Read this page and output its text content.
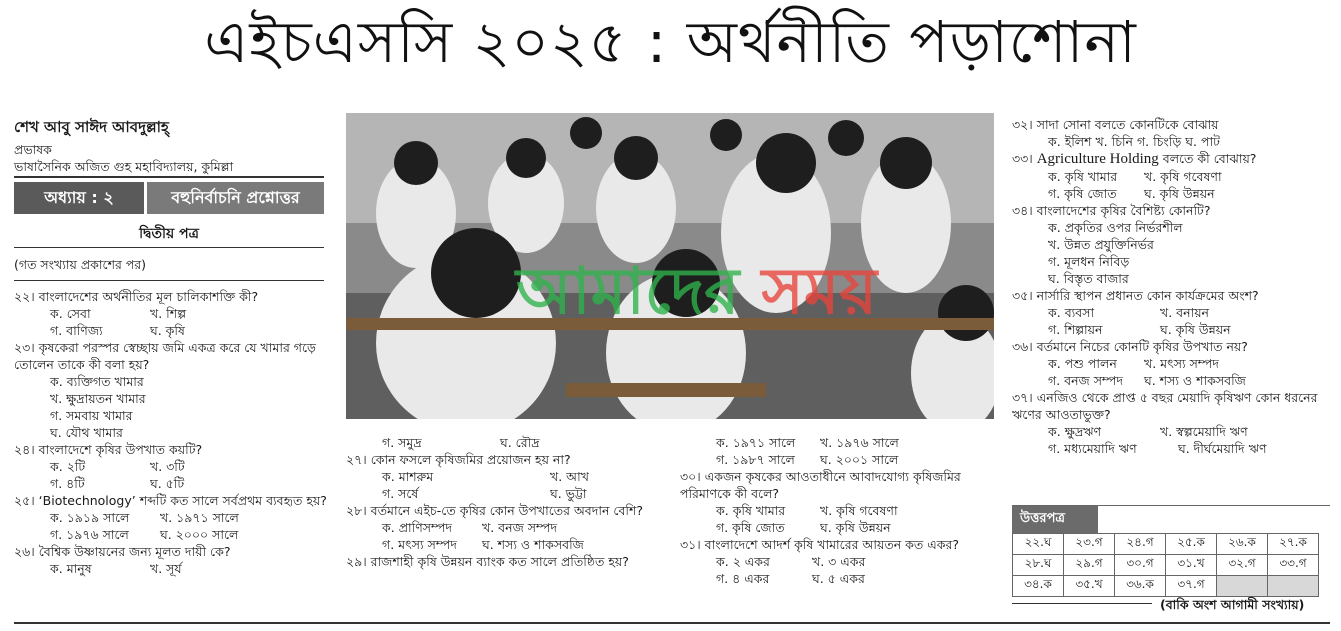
এইচএসসি ২০২৫ : অর্থনীতি পড়াশোনা
শেখ আবু সাঈদ আবদুল্লাহ্
প্রভাষক
ভাষাসৈনিক অজিত গুহ মহাবিদ্যালয়, কুমিল্লা
অধ্যায় : ২	বহুনির্বাচনি প্রশ্নোত্তর
দ্বিতীয় পত্র
(গত সংখ্যায় প্রকাশের পর)
২২। বাংলাদেশের অর্থনীতির মূল চালিকাশক্তি কী?
ক. সেবা	খ. শিল্প
গ. বাণিজ্য	ঘ. কৃষি
২৩। কৃষকেরা পরস্পর স্বেচ্ছায় জমি একত্র করে যে খামার গড়ে তোলেন তাকে কী বলা হয়?
ক. ব্যক্তিগত খামার
খ. ক্ষুদ্রায়তন খামার
গ. সমবায় খামার
ঘ. যৌথ খামার
২৪। বাংলাদেশে কৃষির উপখাত কয়টি?
ক. ২টি	খ. ৩টি
গ. ৪টি	ঘ. ৫টি
২৫। ‘Biotechnology’ শব্দটি কত সালে সর্বপ্রথম ব্যবহৃত হয়?
ক. ১৯১৯ সালে	খ. ১৯৭১ সালে
গ. ১৯৭৬ সালে	ঘ. ২০০০ সালে
২৬। বৈশ্বিক উষ্ণায়নের জন্য মূলত দায়ী কে?
ক. মানুষ	খ. সূর্য
আমাদের সময়
গ. সমুদ্র	ঘ. রৌদ্র
২৭। কোন ফসলে কৃষিজমির প্রয়োজন হয় না?
ক. মাশরুম	খ. আখ
গ. সর্ষে	ঘ. ভুট্টা
২৮। বর্তমানে এইচ-তে কৃষির কোন উপখাতের অবদান বেশি?
ক. প্রাণিসম্পদ	খ. বনজ সম্পদ
গ. মৎস্য সম্পদ	ঘ. শস্য ও শাকসবজি
২৯। রাজশাহী কৃষি উন্নয়ন ব্যাংক কত সালে প্রতিষ্ঠিত হয়?
ক. ১৯৭১ সালে	খ. ১৯৭৬ সালে
গ. ১৯৮৭ সালে	ঘ. ২০০১ সালে
৩০। একজন কৃষকের আওতাধীনে আবাদযোগ্য কৃষিজমির পরিমাণকে কী বলে?
ক. কৃষি খামার	খ. কৃষি গবেষণা
গ. কৃষি জোত	ঘ. কৃষি উন্নয়ন
৩১। বাংলাদেশে আদর্শ কৃষি খামারের আয়তন কত একর?
ক. ২ একর	খ. ৩ একর
গ. ৪ একর	ঘ. ৫ একর
৩২। সাদা সোনা বলতে কোনটিকে বোঝায়
ক. ইলিশ খ. চিনি গ. চিংড়ি ঘ. পাট
৩৩। Agriculture Holding বলতে কী বোঝায়?
ক. কৃষি খামার	খ. কৃষি গবেষণা
গ. কৃষি জোত	ঘ. কৃষি উন্নয়ন
৩৪। বাংলাদেশের কৃষির বৈশিষ্ট্য কোনটি?
ক. প্রকৃতির ওপর নির্ভরশীল
খ. উন্নত প্রযুক্তিনির্ভর
গ. মূলধন নিবিড়
ঘ. বিস্তৃত বাজার
৩৫। নার্সারি স্থাপন প্রধানত কোন কার্যক্রমের অংশ?
ক. ব্যবসা	খ. বনায়ন
গ. শিল্পায়ন	ঘ. কৃষি উন্নয়ন
৩৬। বর্তমানে নিচের কোনটি কৃষির উপখাত নয়?
ক. পশু পালন	খ. মৎস্য সম্পদ
গ. বনজ সম্পদ	ঘ. শস্য ও শাকসবজি
৩৭। এনজিও থেকে প্রাপ্ত ৫ বছর মেয়াদি কৃষিঋণ কোন ধরনের ঋণের আওতাভুক্ত?
ক. ক্ষুদ্রঋণ	খ. স্বল্পমেয়াদি ঋণ
গ. মধ্যমেয়াদি ঋণ	ঘ. দীর্ঘমেয়াদি ঋণ
উত্তরপত্র
২২.ঘ	২৩.গ	২৪.গ	২৫.ক	২৬.ক	২৭.ক
২৮.ঘ	২৯.গ	৩০.গ	৩১.খ	৩২.গ	৩৩.গ
৩৪.ক	৩৫.খ	৩৬.ক	৩৭.গ		
(বাকি অংশ আগামী সংখ্যায়)
